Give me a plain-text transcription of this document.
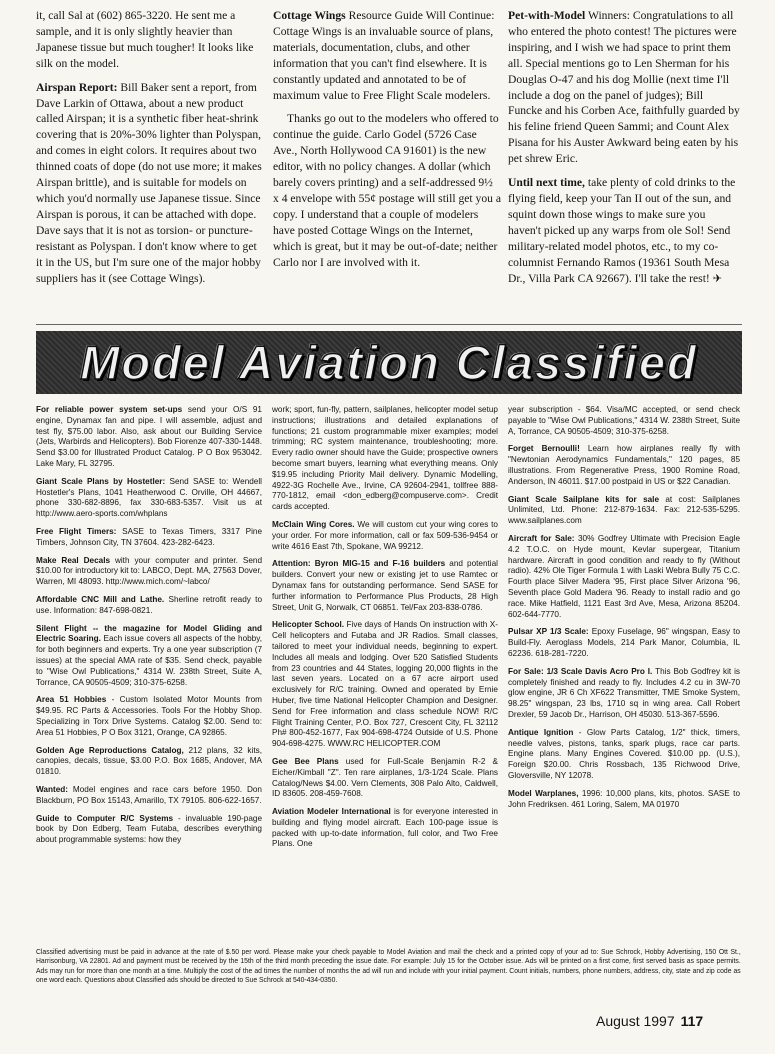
it, call Sal at (602) 865-3220. He sent me a sample, and it is only slightly heavier than Japanese tissue but much tougher! It looks like silk on the model.

Airspan Report: Bill Baker sent a report, from Dave Larkin of Ottawa, about a new product called Airspan; it is a synthetic fiber heat-shrink covering that is 20%-30% lighter than Polyspan, and comes in eight colors. It requires about two thinned coats of dope (do not use more; it makes Airspan brittle), and is suitable for models on which you'd normally use Japanese tissue. Since Airspan is porous, it can be attached with dope. Dave says that it is not as torsion- or puncture-resistant as Polyspan. I don't know where to get it in the US, but I'm sure one of the major hobby suppliers has it (see Cottage Wings).

Cottage Wings Resource Guide Will Continue: Cottage Wings is an invaluable source of plans, materials, documentation, clubs, and other information that you can't find elsewhere. It is constantly updated and annotated to be of maximum value to Free Flight Scale modelers.

Thanks go out to the modelers who offered to continue the guide. Carlo Godel (5726 Case Ave., North Hollywood CA 91601) is the new editor, with no policy changes. A dollar (which barely covers printing) and a self-addressed 9½ x 4 envelope with 55¢ postage will still get you a copy. I understand that a couple of modelers have posted Cottage Wings on the Internet, which is great, but it may be out-of-date; neither Carlo nor I are involved with it.

Pet-with-Model Winners: Congratulations to all who entered the photo contest! The pictures were inspiring, and I wish we had space to print them all. Special mentions go to Len Sherman for his Douglas O-47 and his dog Mollie (next time I'll include a dog on the panel of judges); Bill Funcke and his Corben Ace, faithfully guarded by his feline friend Queen Sammi; and Count Alex Pisana for his Auster Awkward being eaten by his pet shrew Eric.

Until next time, take plenty of cold drinks to the flying field, keep your Tan II out of the sun, and squint down those wings to make sure you haven't picked up any warps from ole Sol! Send military-related model photos, etc., to my co-columnist Fernando Ramos (19361 South Mesa Dr., Villa Park CA 92667). I'll take the rest! ✈

Model Aviation Classified

For reliable power system set-ups send your O/S 91 engine, Dynamax fan and pipe. I will assemble, adjust and test fly, $75.00 labor. Also, ask about our Building Service (Jets, Warbirds and Helicopters). Bob Fiorenze 407-330-1448. Send $3.00 for Illustrated Product Catalog. P O Box 953042. Lake Mary, FL 32795.

Giant Scale Plans by Hostetler: Send SASE to: Wendell Hostetler's Plans, 1041 Heatherwood C. Orville, OH 44667, phone 330-682-8896, fax 330-683-5357. Visit us at http://www.aero-sports.com/whplans

Free Flight Timers: SASE to Texas Timers, 3317 Pine Timbers, Johnson City, TN 37604. 423-282-6423.

Make Real Decals with your computer and printer. Send $10.00 for introductory kit to: LABCO, Dept. MA, 27563 Dover, Warren, MI 48093. http://www.mich.com/~labco/

Affordable CNC Mill and Lathe. Sherline retrofit ready to use. Information: 847-698-0821.

Silent Flight -- the magazine for Model Gliding and Electric Soaring. Each issue covers all aspects of the hobby, for both beginners and experts. Try a one year subscription (7 issues) at the special AMA rate of $35. Send check, payable to "Wise Owl Publications," 4314 W. 238th Street, Suite A, Torrance, CA 90505-4509; 310-375-6258.

Area 51 Hobbies - Custom Isolated Motor Mounts from $49.95. RC Parts & Accessories. Tools For the Hobby Shop. Specializing in Torx Drive Systems. Catalog $2.00. Send to: Area 51 Hobbies, P O Box 3121, Orange, CA 92865.

Golden Age Reproductions Catalog, 212 plans, 32 kits, canopies, decals, tissue, $3.00 P.O. Box 1685, Andover, MA 01810.

Wanted: Model engines and race cars before 1950. Don Blackburn, PO Box 15143, Amarillo, TX 79105. 806-622-1657.

Guide to Computer R/C Systems - invaluable 190-page book by Don Edberg, Team Futaba, describes everything about programmable systems: how they

work; sport, fun-fly, pattern, sailplanes, helicopter model setup instructions; illustrations and detailed explanations of functions; 21 custom programmable mixer examples; model trimming; RC system maintenance, troubleshooting; more. Every radio owner should have the Guide; prospective owners become smart buyers, learning what everything means. Only $19.95 including Priority Mail delivery. Dynamic Modelling, 4922-3G Rochelle Ave., Irvine, CA 92604-2941, tollfree 888-770-1812, email <don_edberg@compuserve.com>. Credit cards accepted.

McClain Wing Cores. We will custom cut your wing cores to your order. For more information, call or fax 509-536-9454 or write 4616 East 7th, Spokane, WA 99212.

Attention: Byron MIG-15 and F-16 builders and potential builders. Convert your new or existing jet to use Ramtec or Dynamax fans for outstanding performance. Send SASE for further information to Performance Plus Products, 28 High Street, Unit G, Norwalk, CT 06851. Tel/Fax 203-838-0786.

Helicopter School. Five days of Hands On instruction with X-Cell helicopters and Futaba and JR Radios. Small classes, tailored to meet your individual needs, beginning to expert. Includes all meals and lodging. Over 520 Satisfied Students from 23 countries and 44 States, logging 20,000 flights in the last seven years. Located on a 67 acre airport used exclusively for R/C training. Owned and operated by Ernie Huber, five time National Helicopter Champion and Designer. Send for Free information and class schedule NOW! R/C Flight Training Center, P.O. Box 727, Crescent City, FL 32112 Ph# 800-452-1677, Fax 904-698-4724 Outside of U.S. Phone 904-698-4275. WWW.RC HELICOPTER.COM

Gee Bee Plans used for Full-Scale Benjamin R-2 & Eicher/Kimball "Z". Ten rare airplanes, 1/3-1/24 Scale. Plans Catalog/News $4.00. Vern Clements, 308 Palo Alto, Caldwell, ID 83605. 208-459-7608.

Aviation Modeler International is for everyone interested in building and flying model aircraft. Each 100-page issue is packed with up-to-date information, full color, and Two Free Plans. One

year subscription - $64. Visa/MC accepted, or send check payable to "Wise Owl Publications," 4314 W. 238th Street, Suite A, Torrance, CA 90505-4509; 310-375-6258.

Forget Bernoulli! Learn how airplanes really fly with "Newtonian Aerodynamics Fundamentals," 120 pages, 85 illustrations. From Regenerative Press, 1900 Romine Road, Anderson, IN 46011. $17.00 postpaid in US or $22 Canadian.

Giant Scale Sailplane kits for sale at cost: Sailplanes Unlimited, Ltd. Phone: 212-879-1634. Fax: 212-535-5295. www.sailplanes.com

Aircraft for Sale: 30% Godfrey Ultimate with Precision Eagle 4.2 T.O.C. on Hyde mount, Kevlar supergear, Titanium hardware. Aircraft in good condition and ready to fly (Without radio). 42% Ole Tiger Formula 1 with Laski Webra Bully 75 C.C. Fourth place Silver Madera '95, First place Silver Arizona '96, Seventh place Gold Madera '96. Ready to install radio and go race. Mike Hatfield, 1121 East 3rd Ave, Mesa, Arizona 85204. 602-644-7770.

Pulsar XP 1/3 Scale: Epoxy Fuselage, 96" wingspan, Easy to Build-Fly. Aeroglass Models, 214 Park Manor, Columbia, IL 62236. 618-281-7220.

For Sale: 1/3 Scale Davis Acro Pro I. This Bob Godfrey kit is completely finished and ready to fly. Includes 4.2 cu in 3W-70 glow engine, JR 6 Ch XF622 Transmitter, TME Smoke System, 98.25" wingspan, 23 lbs, 1710 sq in wing area. Call Robert Drexler, 59 Jacob Dr., Harrison, OH 45030. 513-367-5596.

Antique Ignition - Glow Parts Catalog, 1/2" thick, timers, needle valves, pistons, tanks, spark plugs, race car parts. Engine plans. Many Engines Covered. $10.00 pp. (U.S.), Foreign $20.00. Chris Rossbach, 135 Richwood Drive, Gloversville, NY 12078.

Model Warplanes, 1996: 10,000 plans, kits, photos. SASE to John Fredriksen. 461 Loring, Salem, MA 01970

Classified advertising must be paid in advance at the rate of $.50 per word. Please make your check payable to Model Aviation and mail the check and a printed copy of your ad to: Sue Schrock, Hobby Advertising, 150 Ott St., Harrisonburg, VA 22801. Ad and payment must be received by the 15th of the third month preceding the issue date. For example: July 15 for the October issue. Ads will be printed on a first come, first served basis as space permits. Ads may run for more than one month at a time. Multiply the cost of the ad times the number of months the ad will run and include with your initial payment. Count initials, numbers, phone numbers, address, city, state and zip code as one word each. Questions about Classified ads should be directed to Sue Schrock at 540-434-0350.
August 1997 117
